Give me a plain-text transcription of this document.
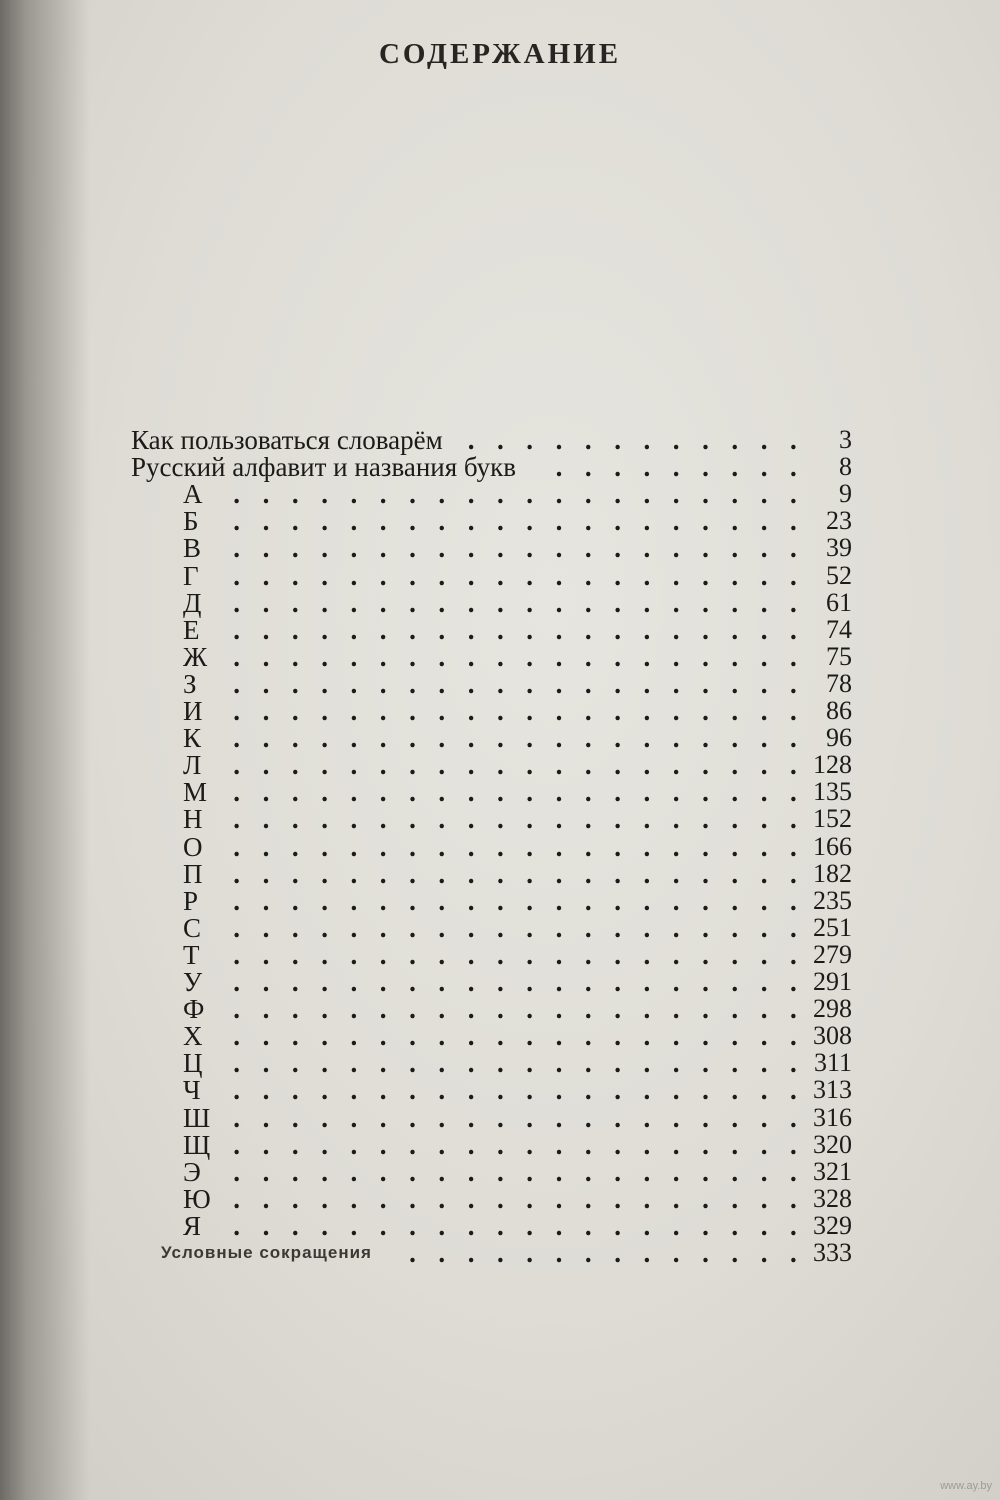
СОДЕРЖАНИЕ
Как пользоваться словарём . . . . . . . . . . . .	3
Русский алфавит и названия букв . . . . . . . . .	8
А . . . . . . . . . . . . . . . . . . . .	9
Б . . . . . . . . . . . . . . . . . . . .	23
В . . . . . . . . . . . . . . . . . . . .	39
Г . . . . . . . . . . . . . . . . . . . .	52
Д . . . . . . . . . . . . . . . . . . . .	61
Е . . . . . . . . . . . . . . . . . . . .	74
Ж . . . . . . . . . . . . . . . . . . . .	75
З . . . . . . . . . . . . . . . . . . . .	78
И . . . . . . . . . . . . . . . . . . . .	86
К . . . . . . . . . . . . . . . . . . . .	96
Л . . . . . . . . . . . . . . . . . . . . 128
М . . . . . . . . . . . . . . . . . . . . 135
Н . . . . . . . . . . . . . . . . . . . . 152
О . . . . . . . . . . . . . . . . . . . . 166
П . . . . . . . . . . . . . . . . . . . . 182
Р . . . . . . . . . . . . . . . . . . . . 235
С . . . . . . . . . . . . . . . . . . . . 251
Т . . . . . . . . . . . . . . . . . . . . 279
У . . . . . . . . . . . . . . . . . . . . 291
Ф . . . . . . . . . . . . . . . . . . . . 298
Х . . . . . . . . . . . . . . . . . . . . 308
Ц . . . . . . . . . . . . . . . . . . . . 311
Ч . . . . . . . . . . . . . . . . . . . . 313
Ш . . . . . . . . . . . . . . . . . . . . 316
Щ . . . . . . . . . . . . . . . . . . . . 320
Э . . . . . . . . . . . . . . . . . . . . 321
Ю . . . . . . . . . . . . . . . . . . . . 328
Я . . . . . . . . . . . . . . . . . . . . 329
Условные сокращения . . . . . . . . . . . . . . 333
www.ay.by
